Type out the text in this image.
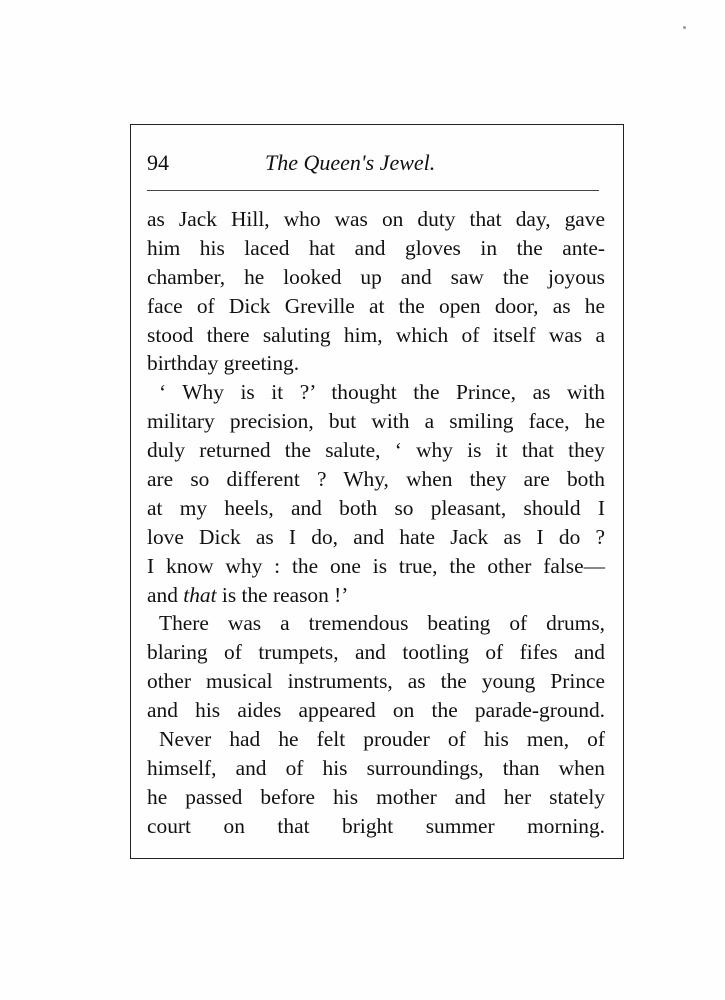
94	The Queen's Jewel.
as Jack Hill, who was on duty that day, gave
him his laced hat and gloves in the ante-
chamber, he looked up and saw the joyous
face of Dick Greville at the open door, as he
stood there saluting him, which of itself was a
birthday greeting.
‘ Why is it ?’ thought the Prince, as with
military precision, but with a smiling face, he
duly returned the salute, ‘ why is it that they
are so different ? Why, when they are both
at my heels, and both so pleasant, should I
love Dick as I do, and hate Jack as I do ?
I know why : the one is true, the other false—
and that is the reason !’
There was a tremendous beating of drums,
blaring of trumpets, and tootling of fifes and
other musical instruments, as the young Prince
and his aides appeared on the parade-ground.
Never had he felt prouder of his men, of
himself, and of his surroundings, than when
he passed before his mother and her stately
court on that bright summer morning.
